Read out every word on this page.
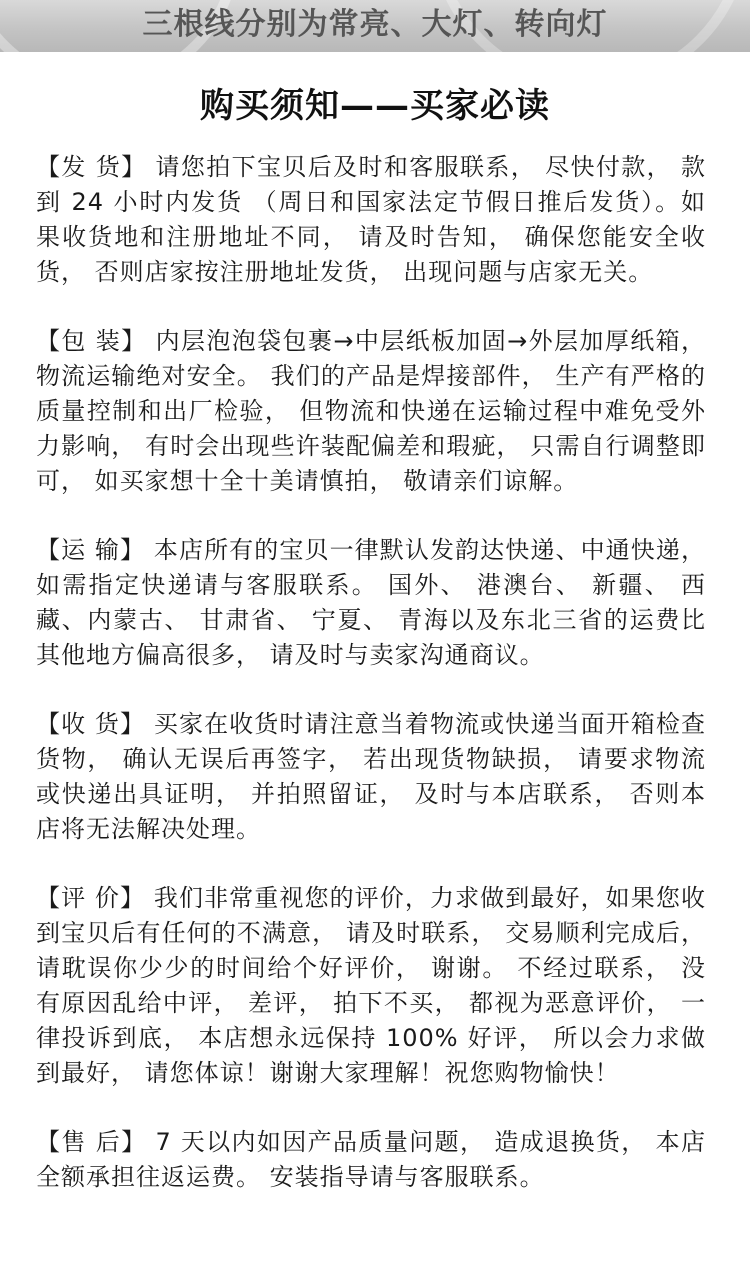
三根线分别为常亮、大灯、转向灯
购买须知——买家必读

【发 货】 请您拍下宝贝后及时和客服联系， 尽快付款， 款到 24 小时内发货 （周日和国家法定节假日推后发货）。如果收货地和注册地址不同， 请及时告知， 确保您能安全收货， 否则店家按注册地址发货， 出现问题与店家无关。

【包 装】 内层泡泡袋包裹→中层纸板加固→外层加厚纸箱，物流运输绝对安全。 我们的产品是焊接部件， 生产有严格的质量控制和出厂检验， 但物流和快递在运输过程中难免受外力影响， 有时会出现些许装配偏差和瑕疵， 只需自行调整即可， 如买家想十全十美请慎拍， 敬请亲们谅解。

【运 输】 本店所有的宝贝一律默认发韵达快递、中通快递，如需指定快递请与客服联系。 国外、 港澳台、 新疆、 西藏、内蒙古、 甘肃省、 宁夏、 青海以及东北三省的运费比其他地方偏高很多， 请及时与卖家沟通商议。

【收 货】 买家在收货时请注意当着物流或快递当面开箱检查货物， 确认无误后再签字， 若出现货物缺损， 请要求物流或快递出具证明， 并拍照留证， 及时与本店联系， 否则本店将无法解决处理。

【评 价】 我们非常重视您的评价，力求做到最好，如果您收到宝贝后有任何的不满意， 请及时联系， 交易顺利完成后，请耽误你少少的时间给个好评价， 谢谢。 不经过联系， 没有原因乱给中评， 差评， 拍下不买， 都视为恶意评价， 一律投诉到底， 本店想永远保持 100% 好评， 所以会力求做到最好， 请您体谅！谢谢大家理解！祝您购物愉快！

【售 后】 7 天以内如因产品质量问题， 造成退换货， 本店全额承担往返运费。 安装指导请与客服联系。
